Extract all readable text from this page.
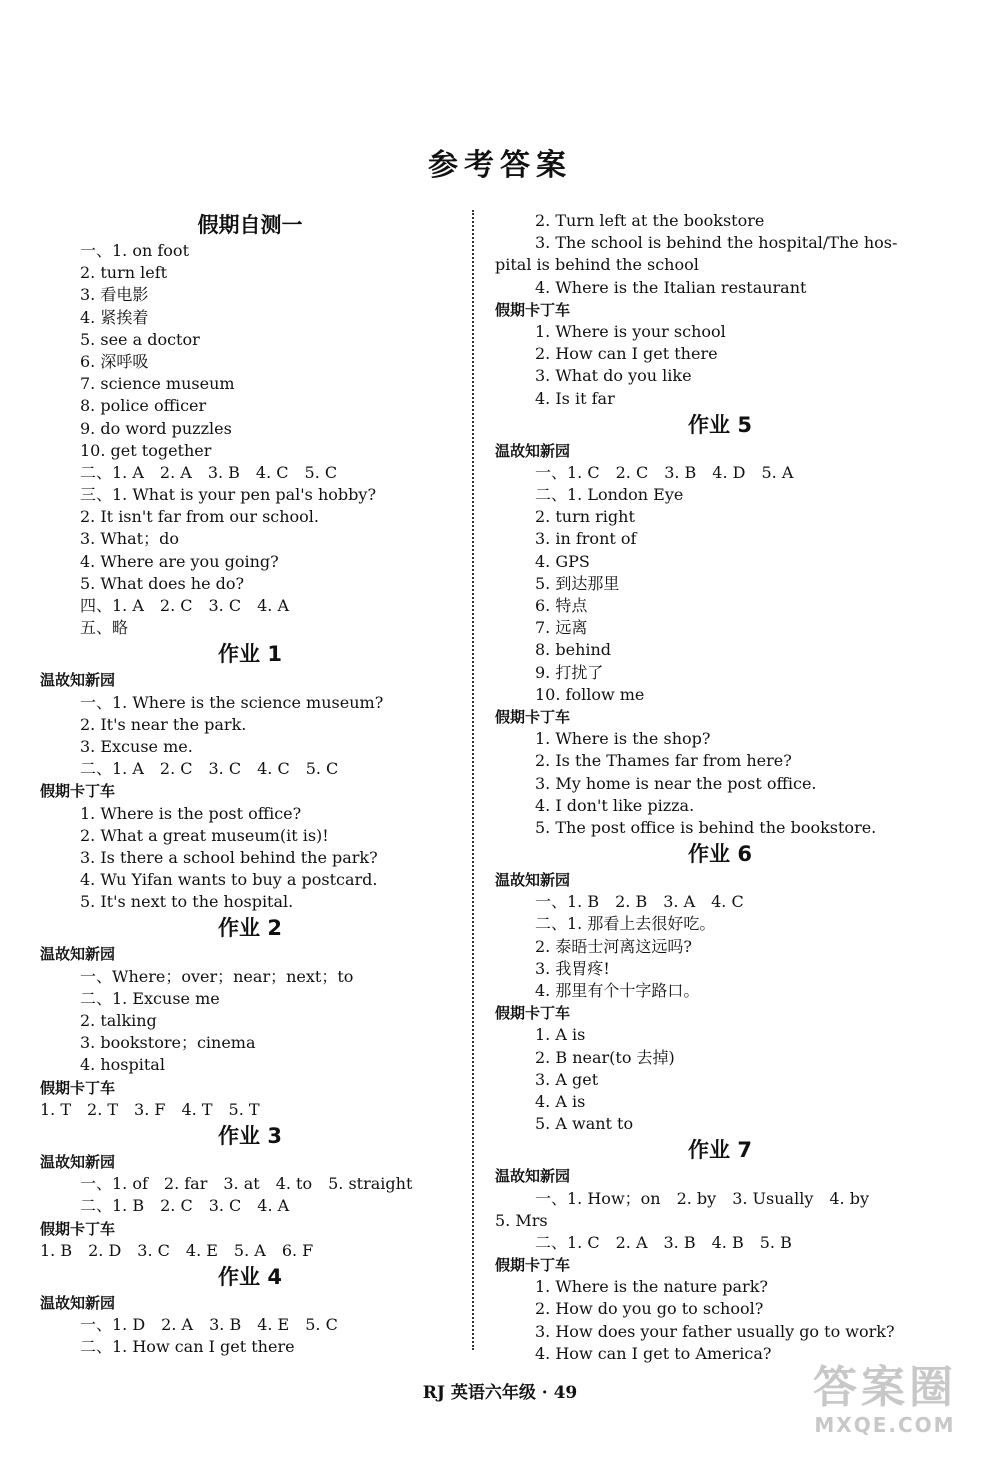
参考答案
假期自测一
一、1. on foot
2. turn left
3. 看电影
4. 紧挨着
5. see a doctor
6. 深呼吸
7. science museum
8. police officer
9. do word puzzles
10. get together
二、1. A　2. A　3. B　4. C　5. C
三、1. What is your pen pal's hobby?
2. It isn't far from our school.
3. What；do
4. Where are you going?
5. What does he do?
四、1. A　2. C　3. C　4. A
五、略
作业 1
温故知新园
一、1. Where is the science museum?
2. It's near the park.
3. Excuse me.
二、1. A　2. C　3. C　4. C　5. C
假期卡丁车
1. Where is the post office?
2. What a great museum(it is)!
3. Is there a school behind the park?
4. Wu Yifan wants to buy a postcard.
5. It's next to the hospital.
作业 2
温故知新园
一、Where；over；near；next；to
二、1. Excuse me
2. talking
3. bookstore；cinema
4. hospital
假期卡丁车
1. T　2. T　3. F　4. T　5. T
作业 3
温故知新园
一、1. of　2. far　3. at　4. to　5. straight
二、1. B　2. C　3. C　4. A
假期卡丁车
1. B　2. D　3. C　4. E　5. A　6. F
作业 4
温故知新园
一、1. D　2. A　3. B　4. E　5. C
二、1. How can I get there
2. Turn left at the bookstore
3. The school is behind the hospital/The hos-
pital is behind the school
4. Where is the Italian restaurant
假期卡丁车
1. Where is your school
2. How can I get there
3. What do you like
4. Is it far
作业 5
温故知新园
一、1. C　2. C　3. B　4. D　5. A
二、1. London Eye
2. turn right
3. in front of
4. GPS
5. 到达那里
6. 特点
7. 远离
8. behind
9. 打扰了
10. follow me
假期卡丁车
1. Where is the shop?
2. Is the Thames far from here?
3. My home is near the post office.
4. I don't like pizza.
5. The post office is behind the bookstore.
作业 6
温故知新园
一、1. B　2. B　3. A　4. C
二、1. 那看上去很好吃。
2. 泰晤士河离这远吗?
3. 我胃疼!
4. 那里有个十字路口。
假期卡丁车
1. A is
2. B near(to 去掉)
3. A get
4. A is
5. A want to
作业 7
温故知新园
一、1. How；on　2. by　3. Usually　4. by
5. Mrs
二、1. C　2. A　3. B　4. B　5. B
假期卡丁车
1. Where is the nature park?
2. How do you go to school?
3. How does your father usually go to work?
4. How can I get to America?
RJ 英语六年级 · 49	答案圈
MXQE.COM
